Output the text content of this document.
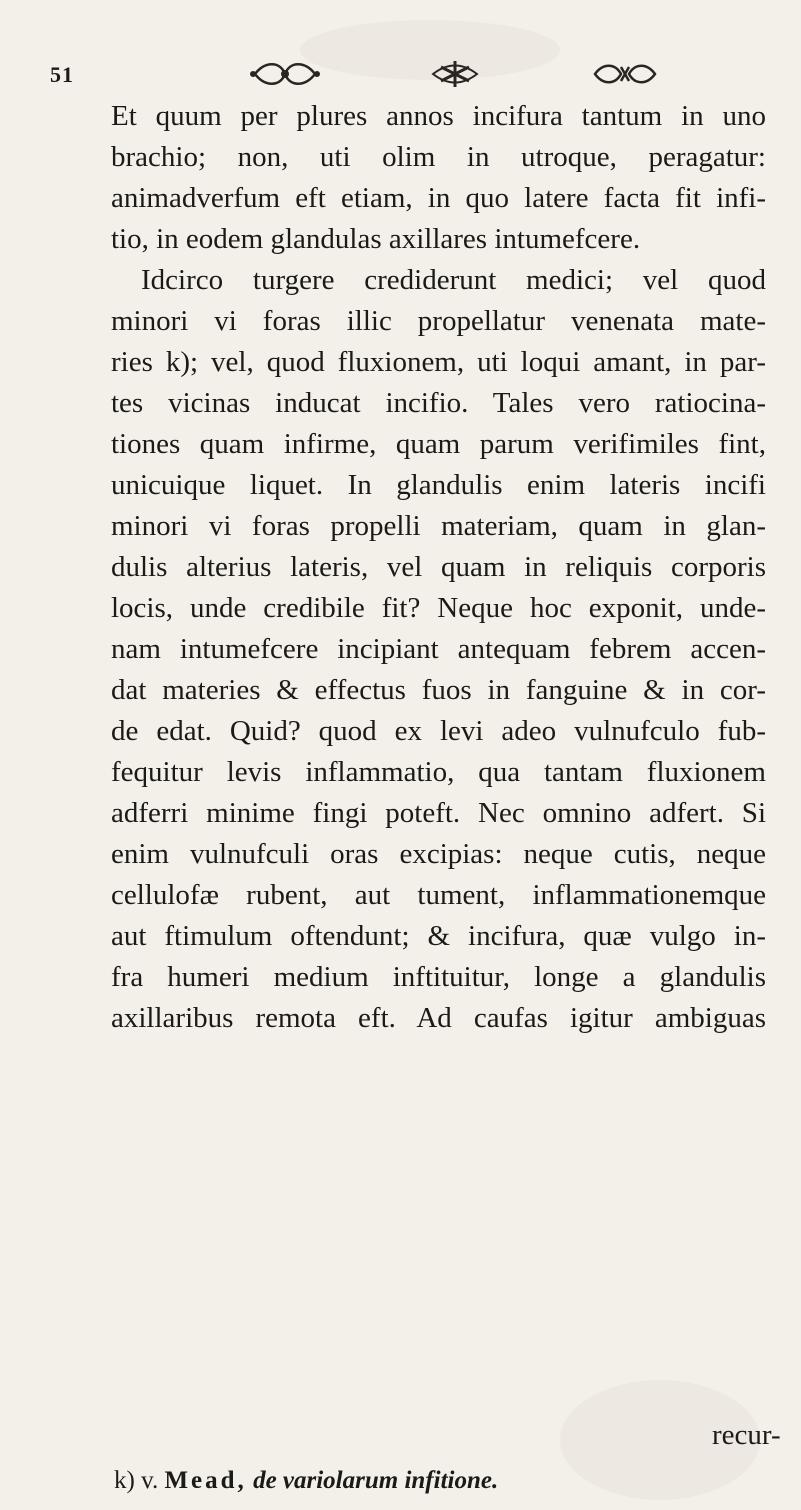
51
Et quum per plures annos incifura tantum in uno
brachio; non, uti olim in utroque, peragatur:
animadverfum eft etiam, in quo latere facta fit infi-
tio, in eodem glandulas axillares intumefcere.
Idcirco turgere crediderunt medici; vel quod
minori vi foras illic propellatur venenata mate-
ries k); vel, quod fluxionem, uti loqui amant, in par-
tes vicinas inducat incifio. Tales vero ratiocina-
tiones quam infirme, quam parum verifimiles fint,
unicuique liquet. In glandulis enim lateris incifi
minori vi foras propelli materiam, quam in glan-
dulis alterius lateris, vel quam in reliquis corporis
locis, unde credibile fit? Neque hoc exponit, unde-
nam intumefcere incipiant antequam febrem accen-
dat materies & effectus fuos in fanguine & in cor-
de edat. Quid? quod ex levi adeo vulnufculo fub-
fequitur levis inflammatio, qua tantam fluxionem
adferri minime fingi poteft. Nec omnino adfert. Si
enim vulnufculi oras excipias: neque cutis, neque
cellulofæ rubent, aut tument, inflammationemque
aut ftimulum oftendunt; & incifura, quæ vulgo in-
fra humeri medium inftituitur, longe a glandulis
axillaribus remota eft. Ad caufas igitur ambiguas
recur-
k) v. Mead, de variolarum infitione.
